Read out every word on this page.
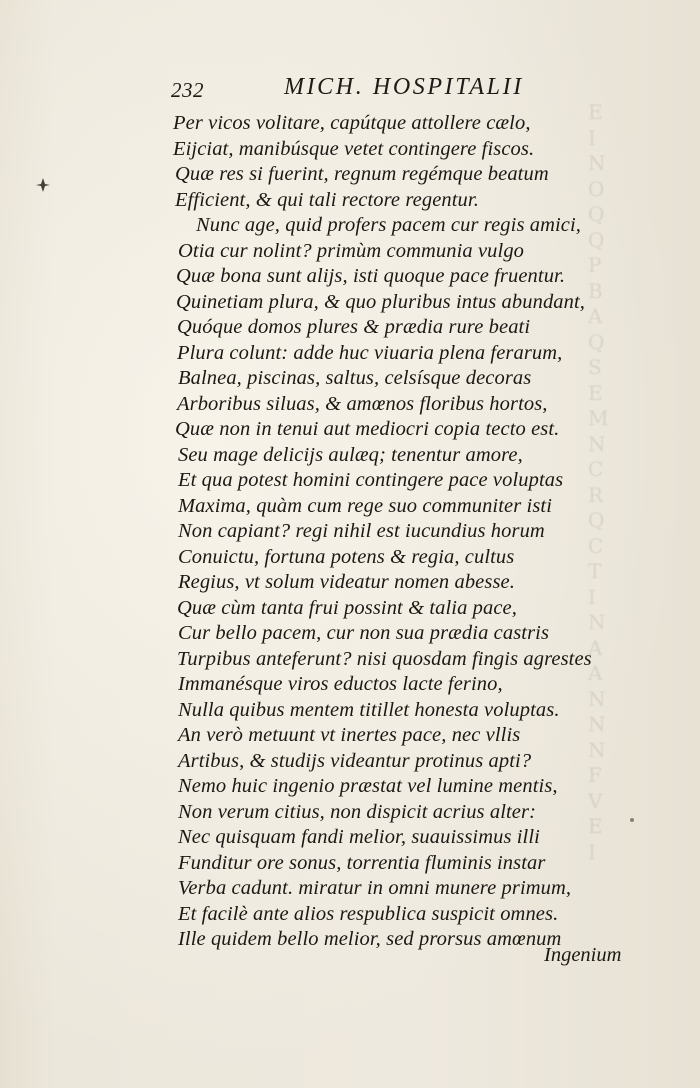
E
I
N
O
Q
Q
P
B
A
Q
S
E
M
N
C
R
Q
C
T
I
N
A
A
N
N
N
F
V
E
I
232	MICH. HOSPITALII
Per vicos volitare, capútque attollere cælo,
Eijciat, manibúsque vetet contingere fiscos.
Quæ res si fuerint, regnum regémque beatum
Efficient, & qui tali rectore regentur.
Nunc age, quid profers pacem cur regis amici,
Otia cur nolint? primùm communia vulgo
Quæ bona sunt alijs, isti quoque pace fruentur.
Quinetiam plura, & quo pluribus intus abundant,
Quóque domos plures & prædia rure beati
Plura colunt: adde huc viuaria plena ferarum,
Balnea, piscinas, saltus, celsísque decoras
Arboribus siluas, & amœnos floribus hortos,
Quæ non in tenui aut mediocri copia tecto est.
Seu mage delicijs aulæq; tenentur amore,
Et qua potest homini contingere pace voluptas
Maxima, quàm cum rege suo communiter isti
Non capiant? regi nihil est iucundius horum
Conuictu, fortuna potens & regia, cultus
Regius, vt solum videatur nomen abesse.
Quæ cùm tanta frui possint & talia pace,
Cur bello pacem, cur non sua prædia castris
Turpibus anteferunt? nisi quosdam fingis agrestes
Immanésque viros eductos lacte ferino,
Nulla quibus mentem titillet honesta voluptas.
An verò metuunt vt inertes pace, nec vllis
Artibus, & studijs videantur protinus apti?
Nemo huic ingenio præstat vel lumine mentis,
Non verum citius, non dispicit acrius alter:
Nec quisquam fandi melior, suauissimus illi
Funditur ore sonus, torrentia fluminis instar
Verba cadunt. miratur in omni munere primum,
Et facilè ante alios respublica suspicit omnes.
Ille quidem bello melior, sed prorsus amœnum
Ingenium
